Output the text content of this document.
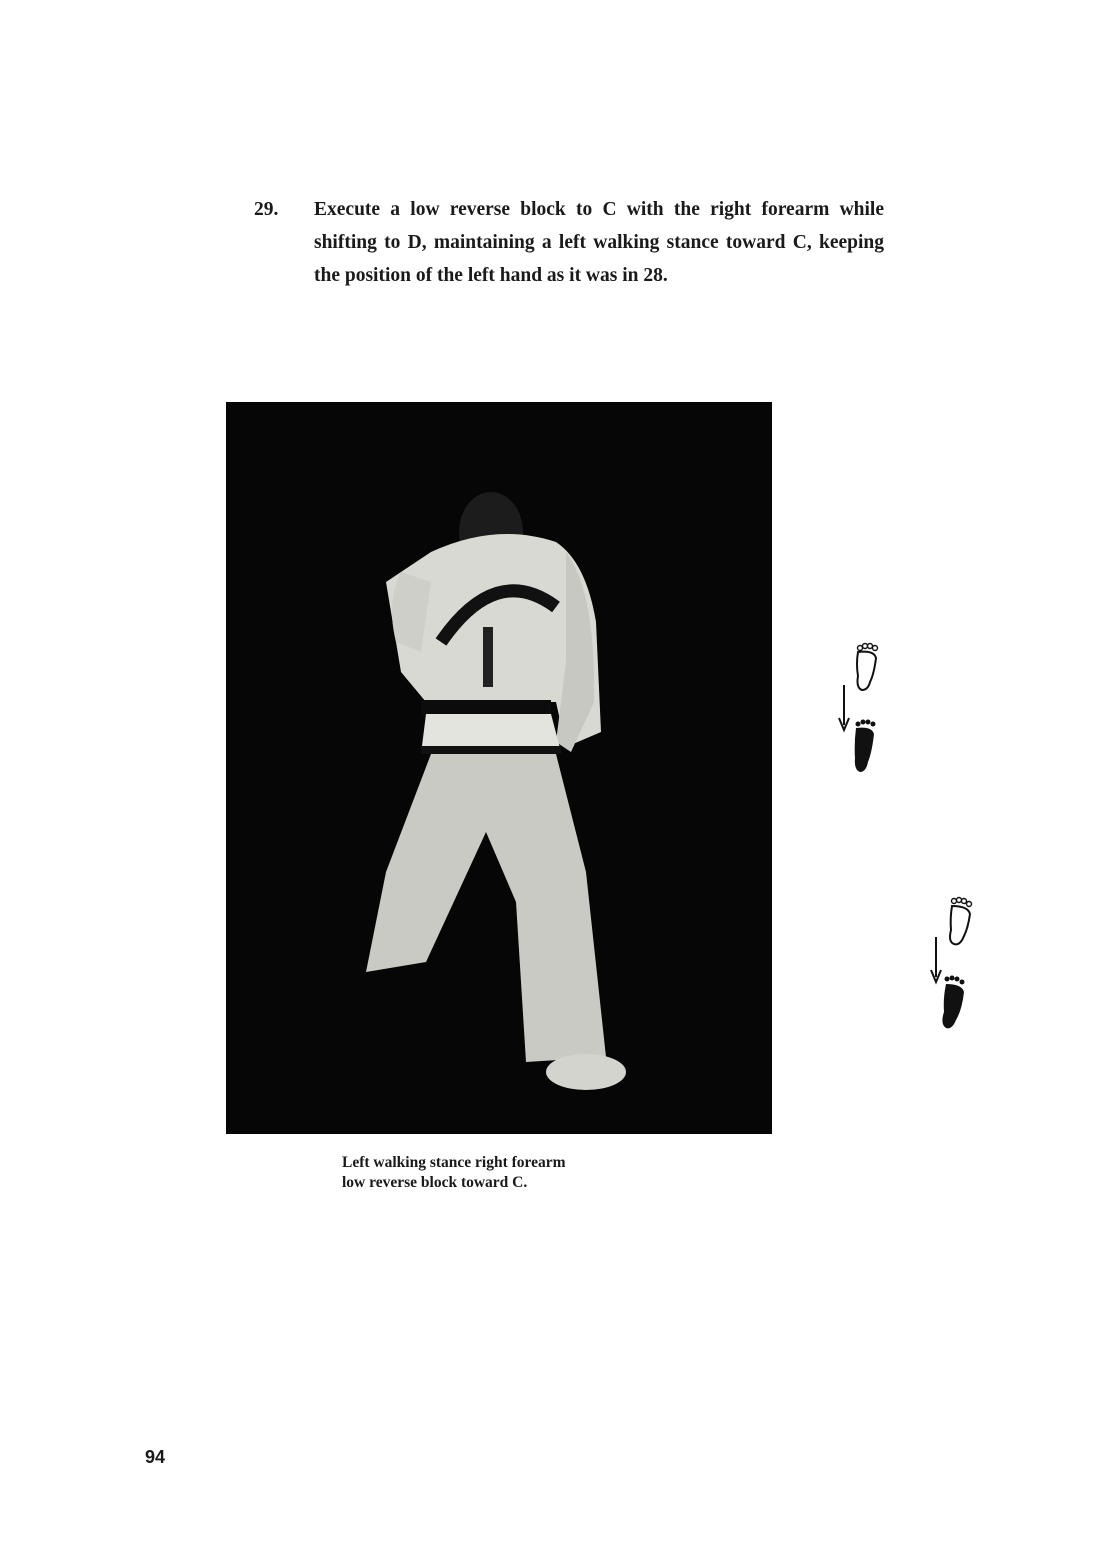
29.	Execute a low reverse block to C with the right forearm while shifting to D, maintaining a left walking stance toward C, keeping the position of the left hand as it was in 28.
Left walking stance right forearm
low reverse block toward C.
94
